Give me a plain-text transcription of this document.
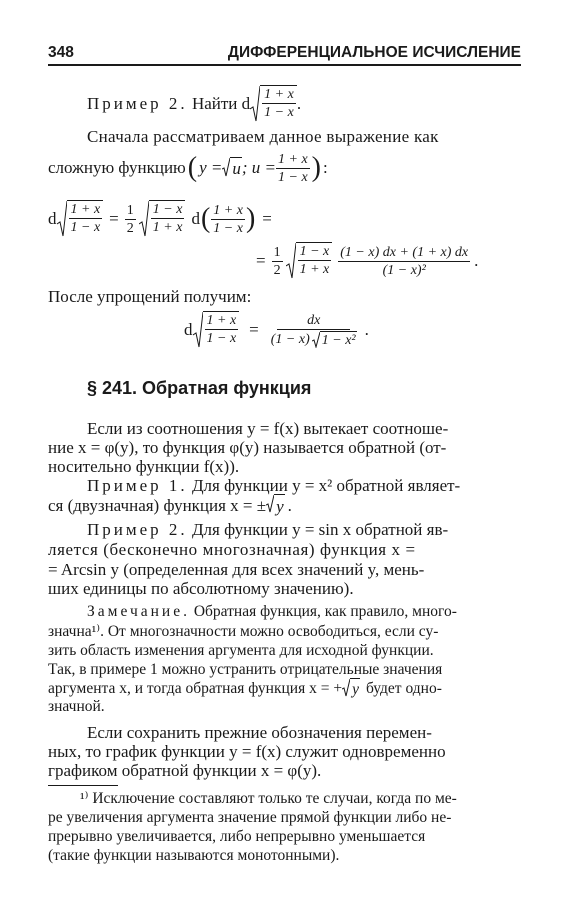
348	ДИФФЕРЕНЦИАЛЬНОЕ ИСЧИСЛЕНИЕ
Пример 2.
Найти d $\frac{1 + x}{1 - x}$ .
Сначала рассматриваем данное выражение как
сложную функцию ( y = u ; $u = \frac{1 + x}{1 - x}$ ) :
d $\frac{1 + x}{1 - x} = \frac{1}{2} \frac{1 - x}{1 + x}$ d ( $\frac{1 + x}{1 - x}$ ) =
= $\frac{1}{2} \frac{1 - x}{1 + x} \frac{(1 - x) dx + (1 + x) dx}{\text{(1 − x)²}}$ .
После упрощений получим:
d $\frac{1 + x}{1 - x} = \frac{dx}{\text{(1 − x) 1 − x²}}$ .
§ 241. Обратная функция
Если из соотношения y = f(x) вытекает соотноше-
ние x = φ(y), то функция φ(y) называется обратной (от-
носительно функции f(x)).
Пример 1. Для функции y = x² обратной являет-
ся (двузначная) функция x = ± y .
Пример 2. Для функции y = sin x обратной яв-
ляется (бесконечно многозначная) функция x =
= Arcsin y (определенная для всех значений y, мень-
ших единицы по абсолютному значению).
Замечание. Обратная функция, как правило, много-
значна¹⁾. От многозначности можно освободиться, если су-
зить область изменения аргумента для исходной функции.
Так, в примере 1 можно устранить отрицательные значения
аргумента x, и тогда обратная функция x = + y будет одно-
значной.
Если сохранить прежние обозначения перемен-
ных, то график функции y = f(x) служит одновременно
графиком обратной функции x = φ(y).
¹⁾ Исключение составляют только те случаи, когда по ме-
ре увеличения аргумента значение прямой функции либо не-
прерывно увеличивается, либо непрерывно уменьшается
(такие функции называются монотонными).
